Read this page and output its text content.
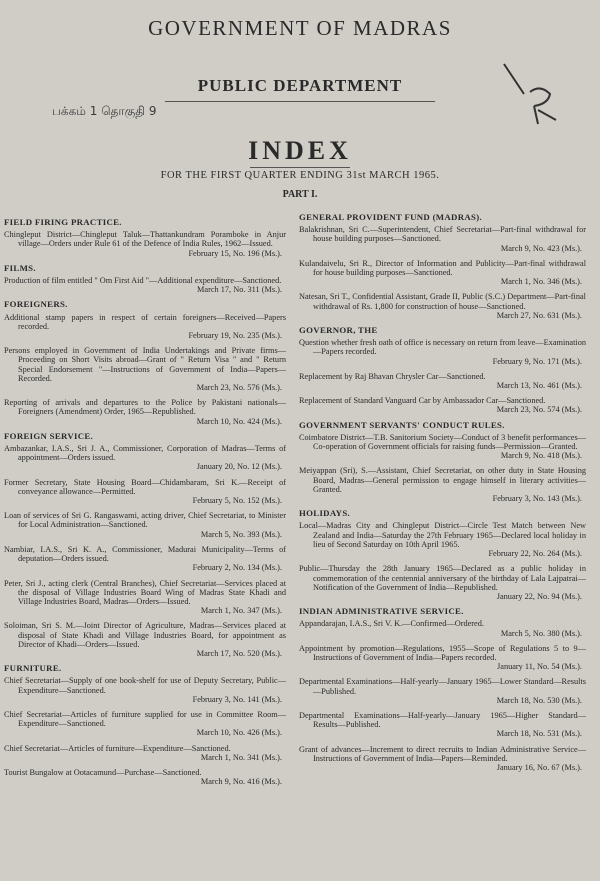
GOVERNMENT OF MADRAS
PUBLIC DEPARTMENT
பக்கம் 1 தொகுதி 9
INDEX
FOR THE FIRST QUARTER ENDING 31st MARCH 1965.
PART I.
FIELD FIRING PRACTICE.
Chingleput District—Chingleput Taluk—Thattankundram Poramboke in Anjur village—Orders under Rule 61 of the Defence of India Rules, 1962—Issued.
February 15, No. 196 (Ms.).
FILMS.
Production of film entitled " Om First Aid "—Additional expenditure—Sanctioned.
March 17, No. 311 (Ms.).
FOREIGNERS.
Additional stamp papers in respect of certain foreigners—Received—Papers recorded.
February 19, No. 235 (Ms.).
Persons employed in Government of India Undertakings and Private firms—Proceeding on Short Visits abroad—Grant of " Return Visa " and " Return Special Endorsement "—Instructions of Government of India—Papers—Recorded.
March 23, No. 576 (Ms.).
Reporting of arrivals and departures to the Police by Pakistani nationals—Foreigners (Amendment) Order, 1965—Republished.
March 10, No. 424 (Ms.).
FOREIGN SERVICE.
Ambazankar, I.A.S., Sri J. A., Commissioner, Corporation of Madras—Terms of appointment—Orders issued.
January 20, No. 12 (Ms.).
Former Secretary, State Housing Board—Chidambaram, Sri K.—Receipt of conveyance allowance—Permitted.
February 5, No. 152 (Ms.).
Loan of services of Sri G. Rangaswami, acting driver, Chief Secretariat, to Minister for Local Administration—Sanctioned.
March 5, No. 393 (Ms.).
Nambiar, I.A.S., Sri K. A., Commissioner, Madurai Municipality—Terms of deputation—Orders issued.
February 2, No. 134 (Ms.).
Peter, Sri J., acting clerk (Central Branches), Chief Secretariat—Services placed at the disposal of Village Industries Board Wing of Madras State Khadi and Village Industries Board, Madras—Orders—Issued.
March 1, No. 347 (Ms.).
Soloiman, Sri S. M.—Joint Director of Agriculture, Madras—Services placed at disposal of State Khadi and Village Industries Board, for appointment as Director of Khadi—Orders—Issued.
March 17, No. 520 (Ms.).
FURNITURE.
Chief Secretariat—Supply of one book-shelf for use of Deputy Secretary, Public—Expenditure—Sanctioned.
February 3, No. 141 (Ms.).
Chief Secretariat—Articles of furniture supplied for use in Committee Room—Expenditure—Sanctioned.
March 10, No. 426 (Ms.).
Chief Secretariat—Articles of furniture—Expenditure—Sanctioned.
March 1, No. 341 (Ms.).
Tourist Bungalow at Ootacamund—Purchase—Sanctioned.
March 9, No. 416 (Ms.).
GENERAL PROVIDENT FUND (MADRAS).
Balakrishnan, Sri C.—Superintendent, Chief Secretariat—Part-final withdrawal for house building purposes—Sanctioned.
March 9, No. 423 (Ms.).
Kulandaivelu, Sri R., Director of Information and Publicity—Part-final withdrawal for house building purposes—Sanctioned.
March 1, No. 346 (Ms.).
Natesan, Sri T., Confidential Assistant, Grade II, Public (S.C.) Department—Part-final withdrawal of Rs. 1,800 for construction of house—Sanctioned.
March 27, No. 631 (Ms.).
GOVERNOR, THE
Question whether fresh oath of office is necessary on return from leave—Examination—Papers recorded.
February 9, No. 171 (Ms.).
Replacement by Raj Bhavan Chrysler Car—Sanctioned.
March 13, No. 461 (Ms.).
Replacement of Standard Vanguard Car by Ambassador Car—Sanctioned.
March 23, No. 574 (Ms.).
GOVERNMENT SERVANTS' CONDUCT RULES.
Coimbatore District—T.B. Sanitorium Society—Conduct of 3 benefit performances—Co-operation of Government officials for raising funds—Permission—Granted.
March 9, No. 418 (Ms.).
Meiyappan (Sri), S.—Assistant, Chief Secretariat, on other duty in State Housing Board, Madras—General permission to engage himself in literary activities—Granted.
February 3, No. 143 (Ms.).
HOLIDAYS.
Local—Madras City and Chingleput District—Circle Test Match between New Zealand and India—Saturday the 27th February 1965—Declared local holiday in lieu of Second Saturday on 10th April 1965.
February 22, No. 264 (Ms.).
Public—Thursday the 28th January 1965—Declared as a public holiday in commemoration of the centennial anniversary of the birthday of Lala Lajpatrai—Notification of the Government of India—Republished.
January 22, No. 94 (Ms.).
INDIAN ADMINISTRATIVE SERVICE.
Appandarajan, I.A.S., Sri V. K.—Confirmed—Ordered.
March 5, No. 380 (Ms.).
Appointment by promotion—Regulations, 1955—Scope of Regulations 5 to 9—Instructions of Government of India—Papers recorded.
January 11, No. 54 (Ms.).
Departmental Examinations—Half-yearly—January 1965—Lower Standard—Results—Published.
March 18, No. 530 (Ms.).
Departmental Examinations—Half-yearly—January 1965—Higher Standard—Results—Published.
March 18, No. 531 (Ms.).
Grant of advances—Increment to direct recruits to Indian Administrative Service—Instructions of Government of India—Papers—Reminded.
January 16, No. 67 (Ms.).
